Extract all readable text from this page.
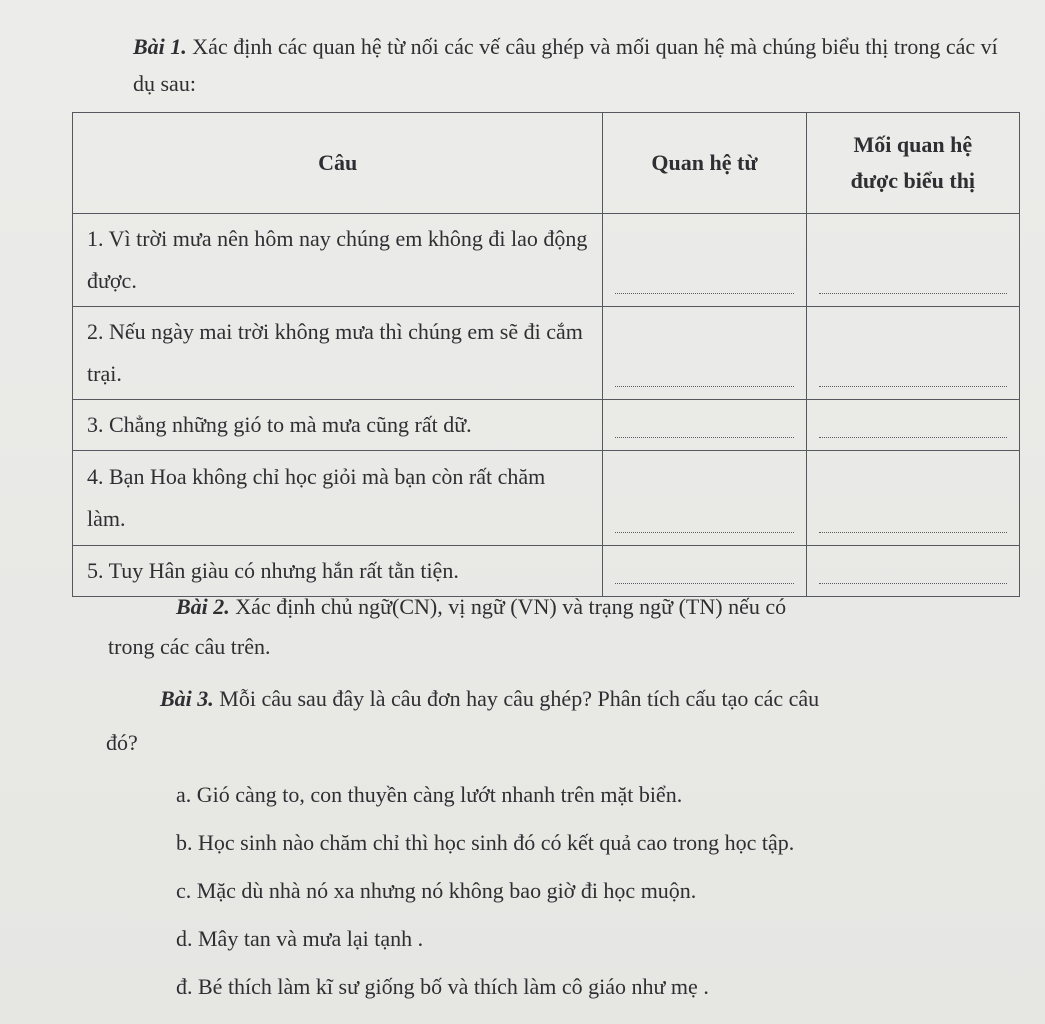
Bài 1. Xác định các quan hệ từ nối các vế câu ghép và mối quan hệ mà chúng biểu thị trong các ví dụ sau:
Câu	Quan hệ từ	Mối quan hệ
được biểu thị
1. Vì trời mưa nên hôm nay chúng em không đi lao động được.	

2. Nếu ngày mai trời không mưa thì chúng em sẽ đi cắm trại.	

3. Chẳng những gió to mà mưa cũng rất dữ.	

4. Bạn Hoa không chỉ học giỏi mà bạn còn rất chăm làm.	

5. Tuy Hân giàu có nhưng hắn rất tằn tiện.	

Bài 2. Xác định chủ ngữ(CN), vị ngữ (VN) và trạng ngữ (TN) nếu có
trong các câu trên.
Bài 3. Mỗi câu sau đây là câu đơn hay câu ghép? Phân tích cấu tạo các câu
đó?
a. Gió càng to, con thuyền càng lướt nhanh trên mặt biển.
b. Học sinh nào chăm chỉ thì học sinh đó có kết quả cao trong học tập.
c. Mặc dù nhà nó xa nhưng nó không bao giờ đi học muộn.
d. Mây tan và mưa lại tạnh .
đ. Bé thích làm kĩ sư giống bố và thích làm cô giáo như mẹ .
